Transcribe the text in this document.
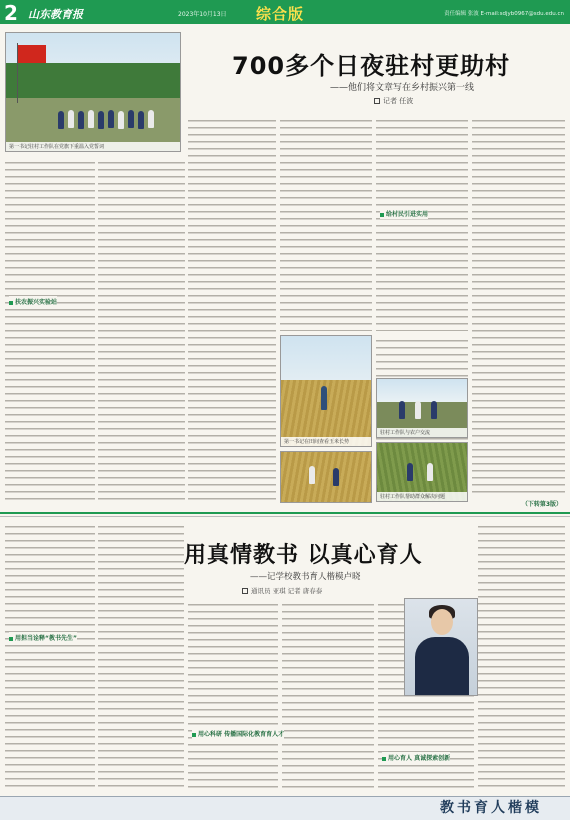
2 山东教育报	2023年10月13日 综合版	责任编辑 张波 E-mail:sdjyb0967@sdu.edu.cn
第一书记驻村工作队在党旗下重温入党誓词
700多个日夜驻村更助村
——他们将文章写在乡村振兴第一线
记者 任波
扶农振兴实验站
给村民引进实用
第一书记在田间查看玉米长势
驻村工作队与农户交流
驻村工作队帮助群众解决问题
（下转第3版）
用真情教书 以真心育人
——记学校教书育人楷模卢晓
通讯员 亚琪 记者 唐春泰
用担当诠释“教书先生”
用心科研 传播国际化教育育人才
用心育人 真诚探索创新
教书育人楷模
